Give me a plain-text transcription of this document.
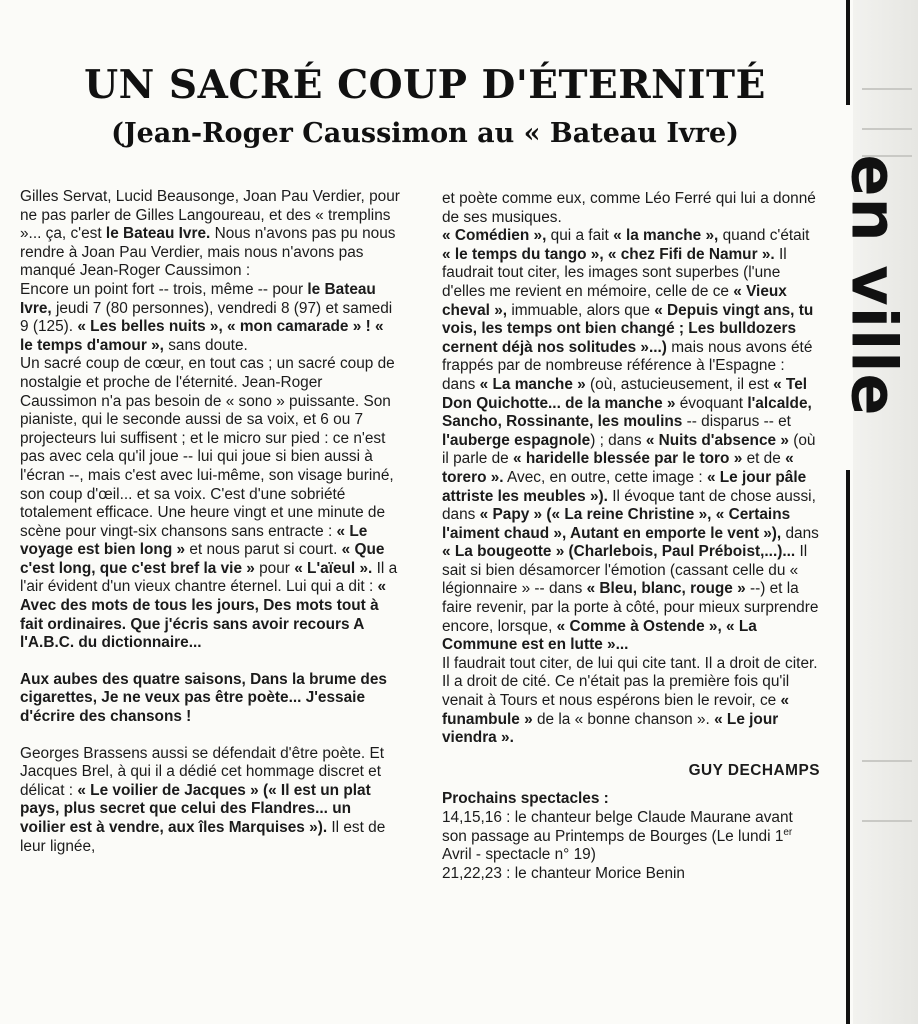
UN SACRÉ COUP D'ÉTERNITÉ
(Jean-Roger Caussimon au « Bateau Ivre)
en ville

Gilles Servat, Lucid Beausonge, Joan Pau Verdier, pour ne pas parler de Gilles Langoureau, et des « tremplins »... ça, c'est le Bateau Ivre. Nous n'avons pas pu nous rendre à Joan Pau Verdier, mais nous n'avons pas manqué Jean-Roger Caussimon :

Encore un point fort -- trois, même -- pour le Bateau Ivre, jeudi 7 (80 personnes), vendredi 8 (97) et samedi 9 (125). « Les belles nuits », « mon camarade » ! « le temps d'amour », sans doute.

Un sacré coup de cœur, en tout cas ; un sacré coup de nostalgie et proche de l'éternité. Jean-Roger Caussimon n'a pas besoin de « sono » puissante. Son pianiste, qui le seconde aussi de sa voix, et 6 ou 7 projecteurs lui suffisent ; et le micro sur pied : ce n'est pas avec cela qu'il joue -- lui qui joue si bien aussi à l'écran --, mais c'est avec lui-même, son visage buriné, son coup d'œil... et sa voix. C'est d'une sobriété totalement efficace. Une heure vingt et une minute de scène pour vingt-six chansons sans entracte : « Le voyage est bien long » et nous parut si court. « Que c'est long, que c'est bref la vie » pour « L'aïeul ». Il a l'air évident d'un vieux chantre éternel. Lui qui a dit : « Avec des mots de tous les jours, Des mots tout à fait ordinaires. Que j'écris sans avoir recours A l'A.B.C. du dictionnaire...

Aux aubes des quatre saisons, Dans la brume des cigarettes, Je ne veux pas être poète... J'essaie d'écrire des chansons !

Georges Brassens aussi se défendait d'être poète. Et Jacques Brel, à qui il a dédié cet hommage discret et délicat : « Le voilier de Jacques » (« Il est un plat pays, plus secret que celui des Flandres... un voilier est à vendre, aux îles Marquises »). Il est de leur lignée,

et poète comme eux, comme Léo Ferré qui lui a donné de ses musiques.

« Comédien », qui a fait « la manche », quand c'était « le temps du tango », « chez Fifi de Namur ». Il faudrait tout citer, les images sont superbes (l'une d'elles me revient en mémoire, celle de ce « Vieux cheval », immuable, alors que « Depuis vingt ans, tu vois, les temps ont bien changé ; Les bulldozers cernent déjà nos solitudes »...) mais nous avons été frappés par de nombreuse référence à l'Espagne : dans « La manche » (où, astucieusement, il est « Tel Don Quichotte... de la manche » évoquant l'alcalde, Sancho, Rossinante, les moulins -- disparus -- et l'auberge espagnole) ; dans « Nuits d'absence » (où il parle de « haridelle blessée par le toro » et de « torero ». Avec, en outre, cette image : « Le jour pâle attriste les meubles »). Il évoque tant de chose aussi, dans « Papy » (« La reine Christine », « Certains l'aiment chaud », Autant en emporte le vent »), dans « La bougeotte » (Charlebois, Paul Préboist,...)... Il sait si bien désamorcer l'émotion (cassant celle du « légionnaire » -- dans « Bleu, blanc, rouge » --) et la faire revenir, par la porte à côté, pour mieux surprendre encore, lorsque, « Comme à Ostende », « La Commune est en lutte »...

Il faudrait tout citer, de lui qui cite tant. Il a droit de citer. Il a droit de cité. Ce n'était pas la première fois qu'il venait à Tours et nous espérons bien le revoir, ce « funambule » de la « bonne chanson ». « Le jour viendra ».

GUY DECHAMPS

Prochains spectacles :

14,15,16 : le chanteur belge Claude Maurane avant son passage au Printemps de Bourges (Le lundi 1er Avril - spectacle n° 19)

21,22,23 : le chanteur Morice Benin
